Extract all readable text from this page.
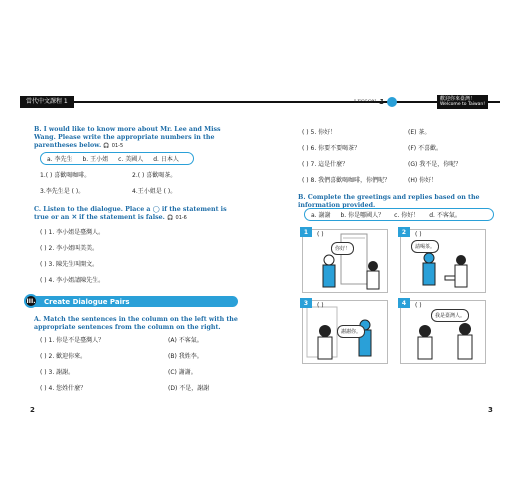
當代中文課程 1	LESSON 1	歡迎你來臺灣！
Welcome to Taiwan!
B. I would like to know more about Mr. Lee and Miss Wang. Please write the appropriate numbers in the parentheses below. 🎧 01-5
a. 李先生 b. 王小姐 c. 美國人 d. 日本人
1.( ) 喜歡喝咖啡。	2.( ) 喜歡喝茶。
3.李先生是 ( )。	4.王小姐是 ( )。
C. Listen to the dialogue. Place a ◯ if the statement is true or an ✕ if the statement is false. 🎧 01-6
( ) 1. 李小姐是臺灣人。
( ) 2. 李小姐叫美美。
( ) 3. 陳先生叫開文。
( ) 4. 李小姐請陳先生。
Create Dialogue Pairs
III.
A. Match the sentences in the column on the left with the appropriate sentences from the column on the right.
( ) 1. 你是不是臺灣人？
( ) 2. 歡迎你來。
( ) 3. 謝謝。
( ) 4. 您姓什麼？
(A) 不客氣。
(B) 我姓李。
(C) 謝謝。
(D) 不是，謝謝
2
( ) 5. 你好！
( ) 6. 你要不要喝茶？
( ) 7. 這是什麼？
( ) 8. 我們喜歡喝咖啡，你們呢？
(E) 茶。
(F) 不喜歡。
(G) 我不是，你呢？
(H) 你好！
B. Complete the greetings and replies based on the information provided.
a. 謝謝 b. 你是哪國人？ c. 你好！ d. 不客氣。
你好！
( )
1
請喝茶。
( )
2
謝謝你。
( )
3
我是臺灣人。
( )
4
3
